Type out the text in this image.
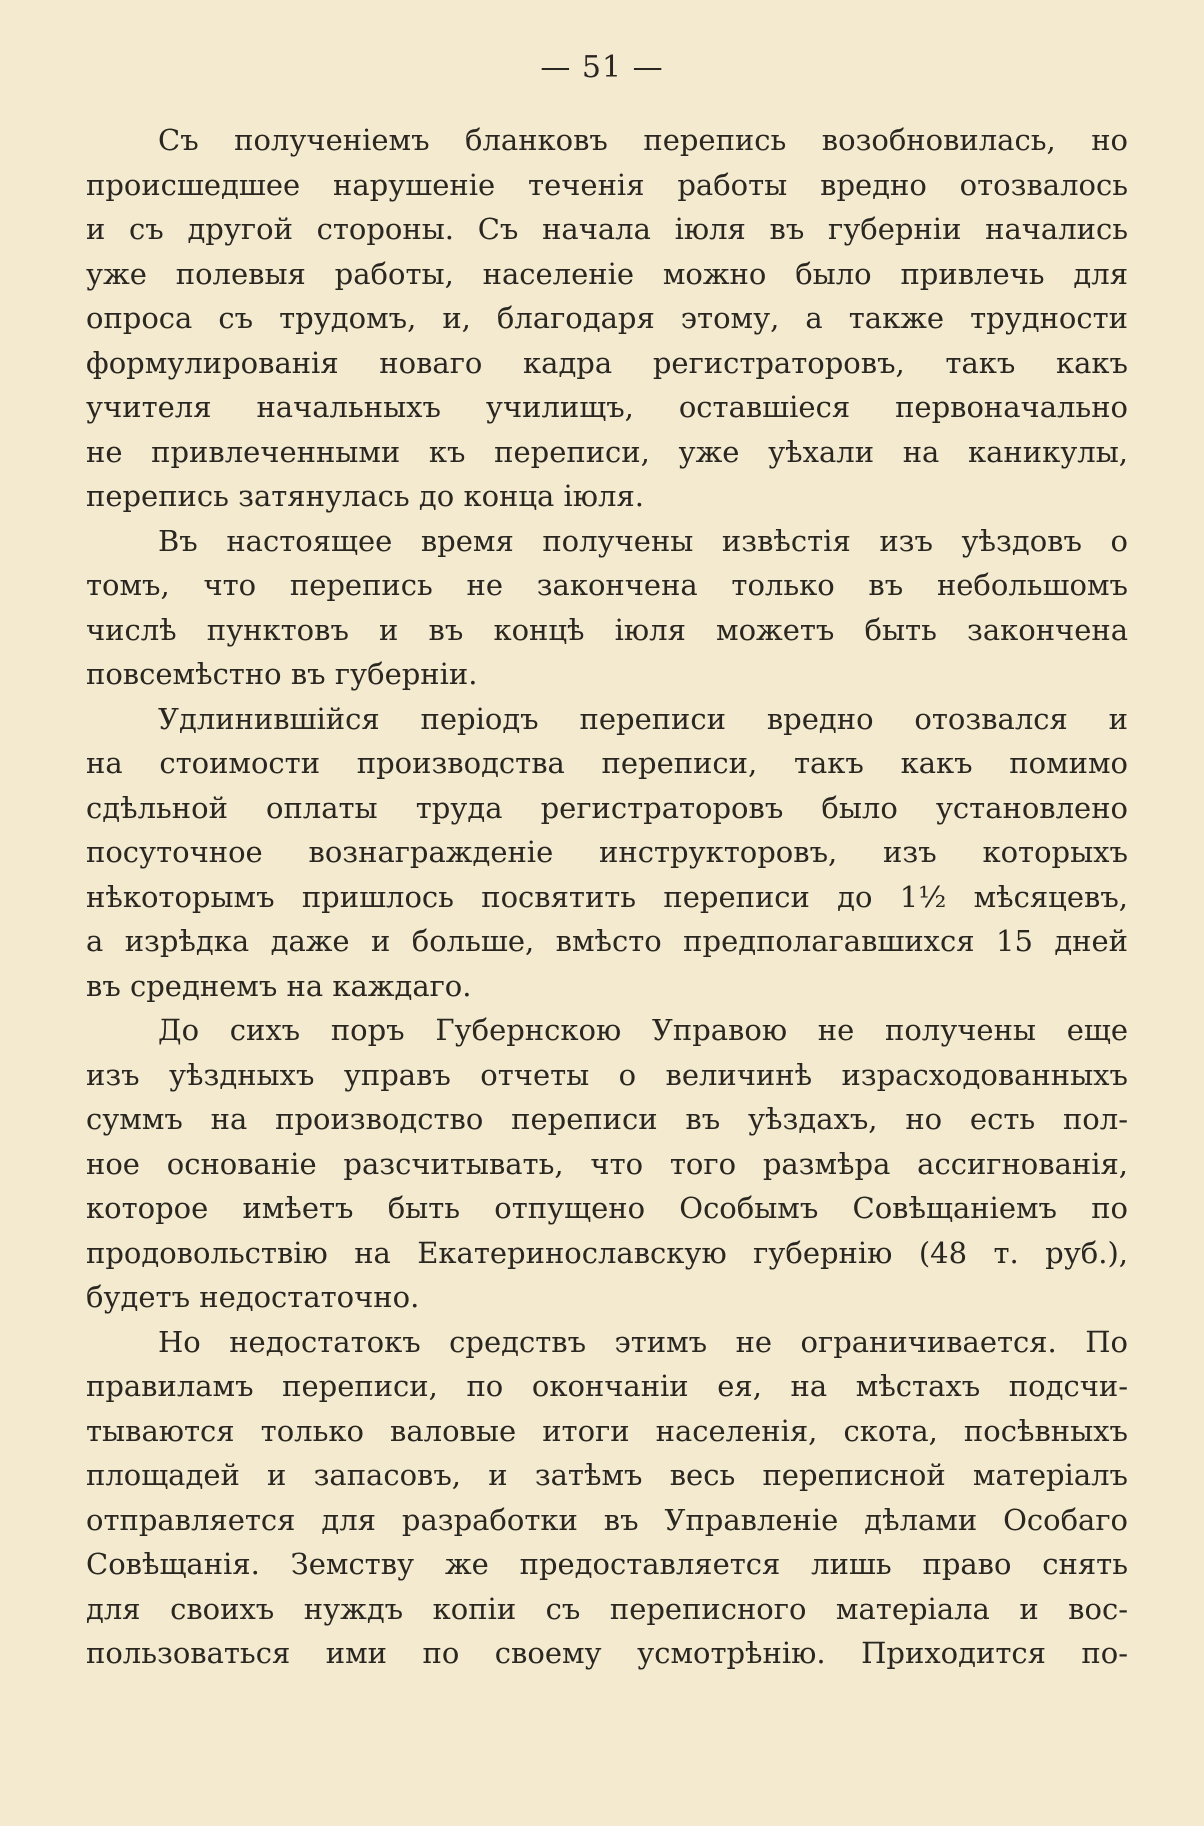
— 51 —
Съ полученіемъ бланковъ перепись возобновилась, но
происшедшее нарушеніе теченія работы вредно отозвалось
и съ другой стороны. Съ начала іюля въ губерніи начались
уже полевыя работы, населеніе можно было привлечь для
опроса съ трудомъ, и, благодаря этому, а также трудности
формулированія новаго кадра регистраторовъ, такъ какъ
учителя начальныхъ училищъ, оставшіеся первоначально
не привлеченными къ переписи, уже уѣхали на каникулы,
перепись затянулась до конца іюля.
Въ настоящее время получены извѣстія изъ уѣздовъ о
томъ, что перепись не закончена только въ небольшомъ
числѣ пунктовъ и въ концѣ іюля можетъ быть закончена
повсемѣстно въ губерніи.
Удлинившійся періодъ переписи вредно отозвался и
на стоимости производства переписи, такъ какъ помимо
сдѣльной оплаты труда регистраторовъ было установлено
посуточное вознагражденіе инструкторовъ, изъ которыхъ
нѣкоторымъ пришлось посвятить переписи до 1½ мѣсяцевъ,
а изрѣдка даже и больше, вмѣсто предполагавшихся 15 дней
въ среднемъ на каждаго.
До сихъ поръ Губернскою Управою не получены еще
изъ уѣздныхъ управъ отчеты о величинѣ израсходованныхъ
суммъ на производство переписи въ уѣздахъ, но есть пол-
ное основаніе разсчитывать, что того размѣра ассигнованія,
которое имѣетъ быть отпущено Особымъ Совѣщаніемъ по
продовольствію на Екатеринославскую губернію (48 т. руб.),
будетъ недостаточно.
Но недостатокъ средствъ этимъ не ограничивается. По
правиламъ переписи, по окончаніи ея, на мѣстахъ подсчи-
тываются только валовые итоги населенія, скота, посѣвныхъ
площадей и запасовъ, и затѣмъ весь переписной матеріалъ
отправляется для разработки въ Управленіе дѣлами Особаго
Совѣщанія. Земству же предоставляется лишь право снять
для своихъ нуждъ копіи съ переписного матеріала и вос-
пользоваться ими по своему усмотрѣнію. Приходится по-
